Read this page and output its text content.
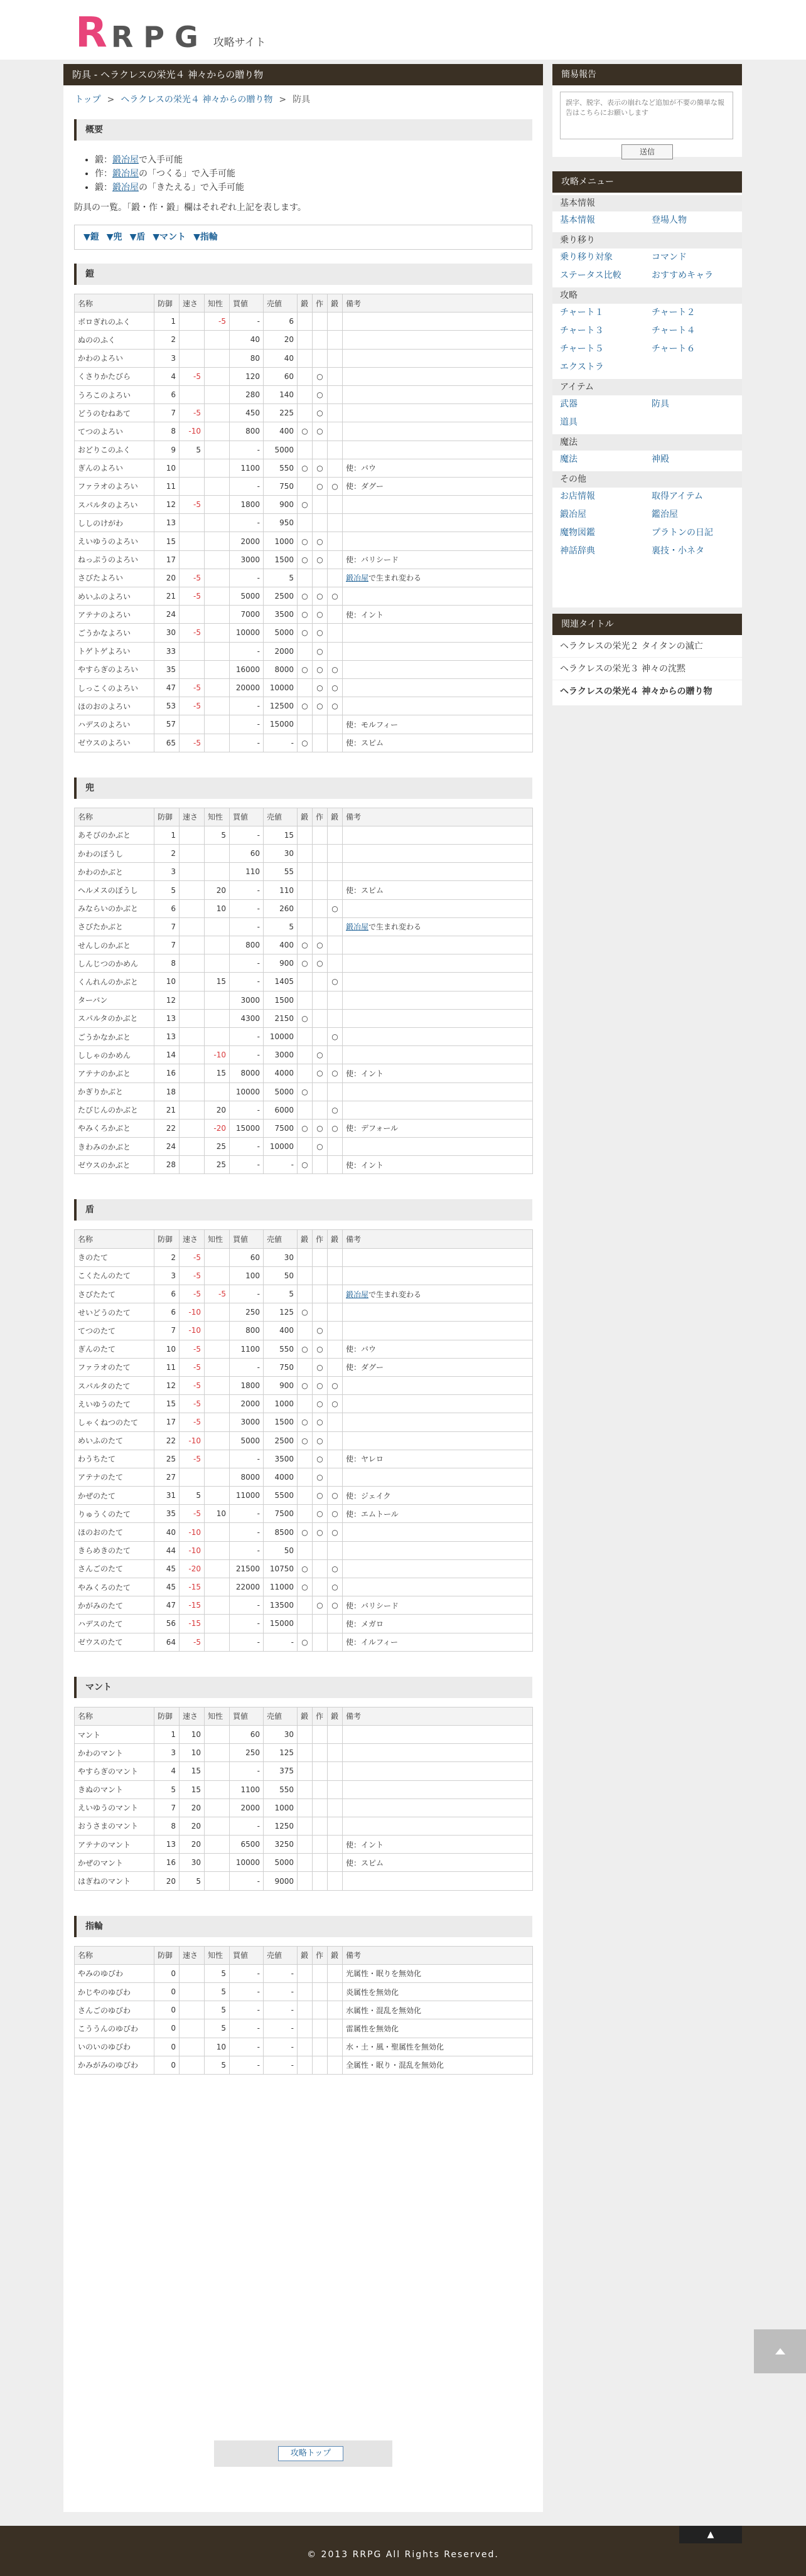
R RPG 攻略サイト
防具 - ヘラクレスの栄光４ 神々からの贈り物
トップ > ヘラクレスの栄光４ 神々からの贈り物 > 防具
概要
• 鍛：鍛冶屋で入手可能
• 作：鍛冶屋の「つくる」で入手可能
• 鍛：鍛冶屋の「きたえる」で入手可能
防具の一覧。「鍛・作・鍛」欄はそれぞれ上記を表します。
▼鎧 ▼兜 ▼盾 ▼マント ▼指輪
鎧
名称	防御	速さ	知性	買値	売値	鍛	作	鍛	備考
ボロぎれのふく	1		-5	-	6				
ぬののふく	2			40	20				
かわのよろい	3			80	40				
くさりかたびら	4	-5		120	60		○		
うろこのよろい	6			280	140		○		
どうのむねあて	7	-5		450	225		○		
てつのよろい	8	-10		800	400	○	○		
おどりこのふく	9	5		-	5000				
ぎんのよろい	10			1100	550	○	○		使：バウ
ファラオのよろい	11			-	750		○	○	使：ダグー
スパルタのよろい	12	-5		1800	900	○			
ししのけがわ	13			-	950				
えいゆうのよろい	15			2000	1000	○	○		
ねっぷうのよろい	17			3000	1500	○	○		使：バリシード
さびたよろい	20	-5		-	5				鍛冶屋で生まれ変わる
めいふのよろい	21	-5		5000	2500	○	○	○	
アテナのよろい	24			7000	3500	○	○		使：イント
ごうかなよろい	30	-5		10000	5000	○	○		
トゲトゲよろい	33			-	2000		○		
やすらぎのよろい	35			16000	8000	○	○	○	
しっこくのよろい	47	-5		20000	10000		○	○	
ほのおのよろい	53	-5		-	12500	○	○	○	
ハデスのよろい	57			-	15000				使：モルフィー
ゼウスのよろい	65	-5		-	-	○			使：スピム
兜
名称	防御	速さ	知性	買値	売値	鍛	作	鍛	備考
あそびのかぶと	1		5	-	15				
かわのぼうし	2			60	30				
かわのかぶと	3			110	55				
ヘルメスのぼうし	5		20	-	110				使：スピム
みならいのかぶと	6		10	-	260			○	
さびたかぶと	7			-	5				鍛冶屋で生まれ変わる
せんしのかぶと	7			800	400	○	○		
しんじつのかめん	8			-	900	○	○		
くんれんのかぶと	10		15	-	1405			○	
ターバン	12			3000	1500				
スパルタのかぶと	13			4300	2150	○			
ごうかなかぶと	13			-	10000			○	
ししゃのかめん	14		-10	-	3000		○		
アテナのかぶと	16		15	8000	4000		○	○	使：イント
かぎりかぶと	18			10000	5000	○			
たびじんのかぶと	21		20	-	6000			○	
やみくろかぶと	22		-20	15000	7500	○	○	○	使：デフォール
きわみのかぶと	24		25	-	10000		○		
ゼウスのかぶと	28		25	-	-	○			使：イント
盾
名称	防御	速さ	知性	買値	売値	鍛	作	鍛	備考
きのたて	2	-5		60	30				
こくたんのたて	3	-5		100	50				
さびたたて	6	-5	-5	-	5				鍛冶屋で生まれ変わる
せいどうのたて	6	-10		250	125	○			
てつのたて	7	-10		800	400		○		
ぎんのたて	10	-5		1100	550	○	○		使：バウ
ファラオのたて	11	-5		-	750		○		使：ダグー
スパルタのたて	12	-5		1800	900	○	○	○	
えいゆうのたて	15	-5		2000	1000		○	○	
しゃくねつのたて	17	-5		3000	1500	○	○		
めいふのたて	22	-10		5000	2500	○	○		
わうちたて	25	-5		-	3500		○		使：ヤレロ
アテナのたて	27			8000	4000		○		
かぜのたて	31	5		11000	5500		○	○	使：ジェイク
りゅうくのたて	35	-5	10	-	7500		○	○	使：エムトール
ほのおのたて	40	-10		-	8500	○	○	○	
きらめきのたて	44	-10		-	50				
さんごのたて	45	-20		21500	10750	○		○	
やみくろのたて	45	-15		22000	11000	○		○	
かがみのたて	47	-15		-	13500		○	○	使：バリシード
ハデスのたて	56	-15		-	15000				使：メガロ
ゼウスのたて	64	-5		-	-	○			使：イルフィー
マント
名称	防御	速さ	知性	買値	売値	鍛	作	鍛	備考
マント	1	10		60	30				
かわのマント	3	10		250	125				
やすらぎのマント	4	15		-	375				
きぬのマント	5	15		1100	550				
えいゆうのマント	7	20		2000	1000				
おうさまのマント	8	20		-	1250				
アテナのマント	13	20		6500	3250				使：イント
かぜのマント	16	30		10000	5000				使：スピム
はぎねのマント	20	5		-	9000				
指輪
名称	防御	速さ	知性	買値	売値	鍛	作	鍛	備考
やみのゆびわ	0		5	-	-				光属性・眠りを無効化
かじやのゆびわ	0		5	-	-				炎属性を無効化
さんごのゆびわ	0		5	-	-				水属性・混乱を無効化
こううんのゆびわ	0		5	-	-				雷属性を無効化
いのいのゆびわ	0		10	-	-				水・土・風・聖属性を無効化
かみがみのゆびわ	0		5	-	-				全属性・眠り・混乱を無効化
攻略トップ
簡易報告
誤字、脱字、表示の崩れなど追加が不要の簡単な報告はこちらにお願いします
送信
攻略メニュー
基本情報
基本情報	登場人物
乗り移り
乗り移り対象	コマンド
ステータス比較	おすすめキャラ
攻略
チャート１	チャート２
チャート３	チャート４
チャート５	チャート６
エクストラ
アイテム
武器	防具
道具
魔法
魔法	神殿
その他
お店情報	取得アイテム
鍛冶屋	鑑治屋
魔物図鑑	プラトンの日記
神話辞典	裏技・小ネタ
関連タイトル
ヘラクレスの栄光２ タイタンの滅亡
ヘラクレスの栄光３ 神々の沈黙
ヘラクレスの栄光４ 神々からの贈り物
▲
© 2013 RRPG All Rights Reserved.
